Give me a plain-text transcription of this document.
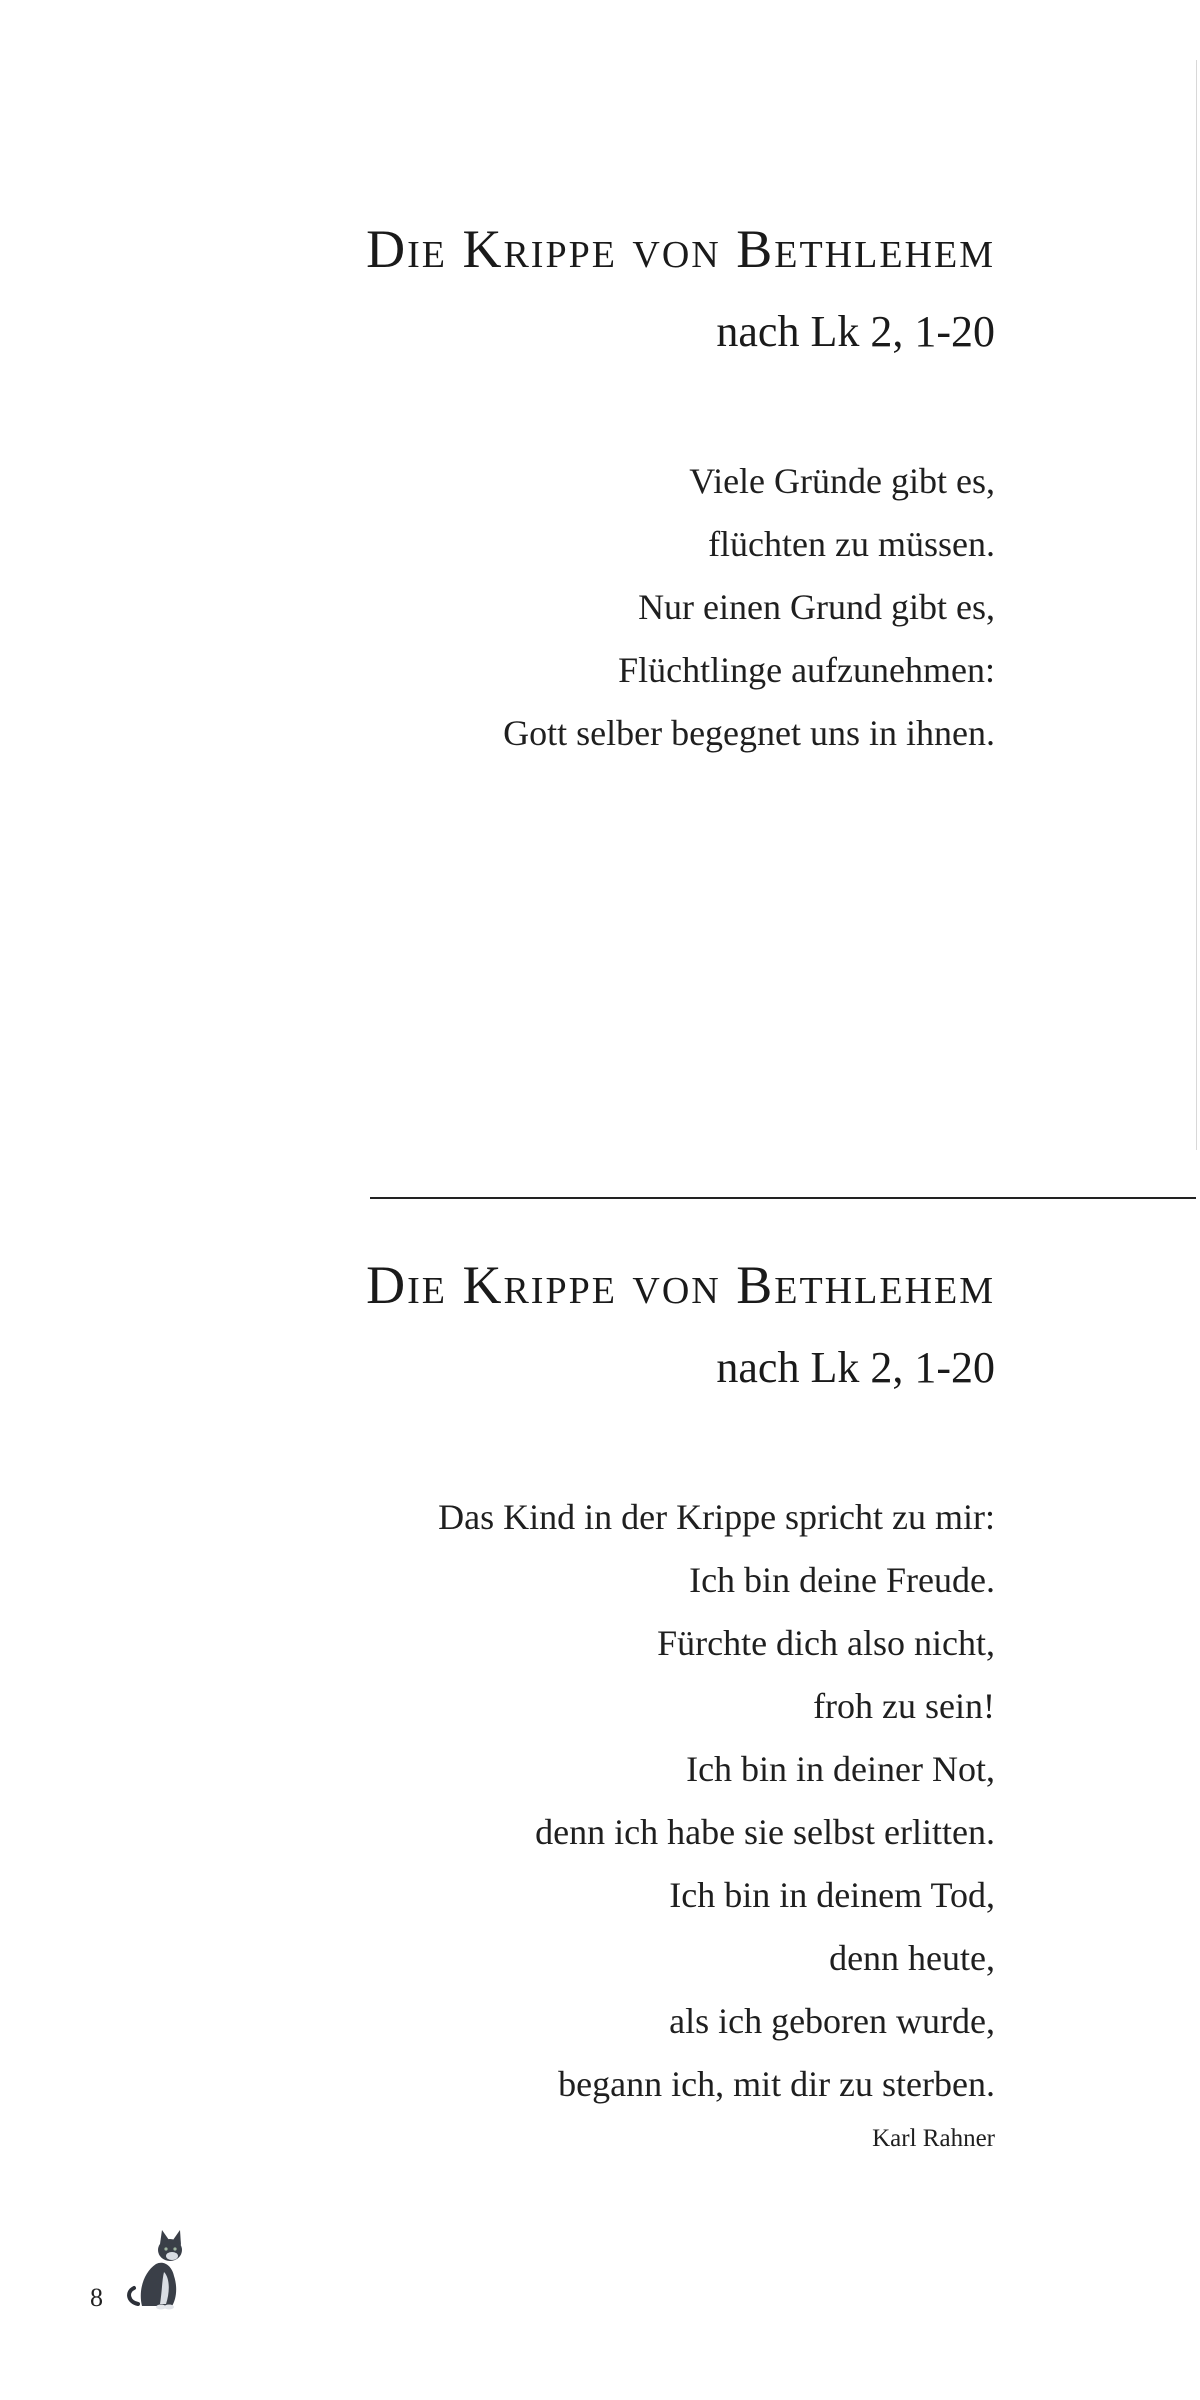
Die Krippe von Bethlehem
nach Lk 2, 1-20
Viele Gründe gibt es,
flüchten zu müssen.
Nur einen Grund gibt es,
Flüchtlinge aufzunehmen:
Gott selber begegnet uns in ihnen.
Die Krippe von Bethlehem
nach Lk 2, 1-20
Das Kind in der Krippe spricht zu mir:
Ich bin deine Freude.
Fürchte dich also nicht,
froh zu sein!
Ich bin in deiner Not,
denn ich habe sie selbst erlitten.
Ich bin in deinem Tod,
denn heute,
als ich geboren wurde,
begann ich, mit dir zu sterben.
Karl Rahner
8
